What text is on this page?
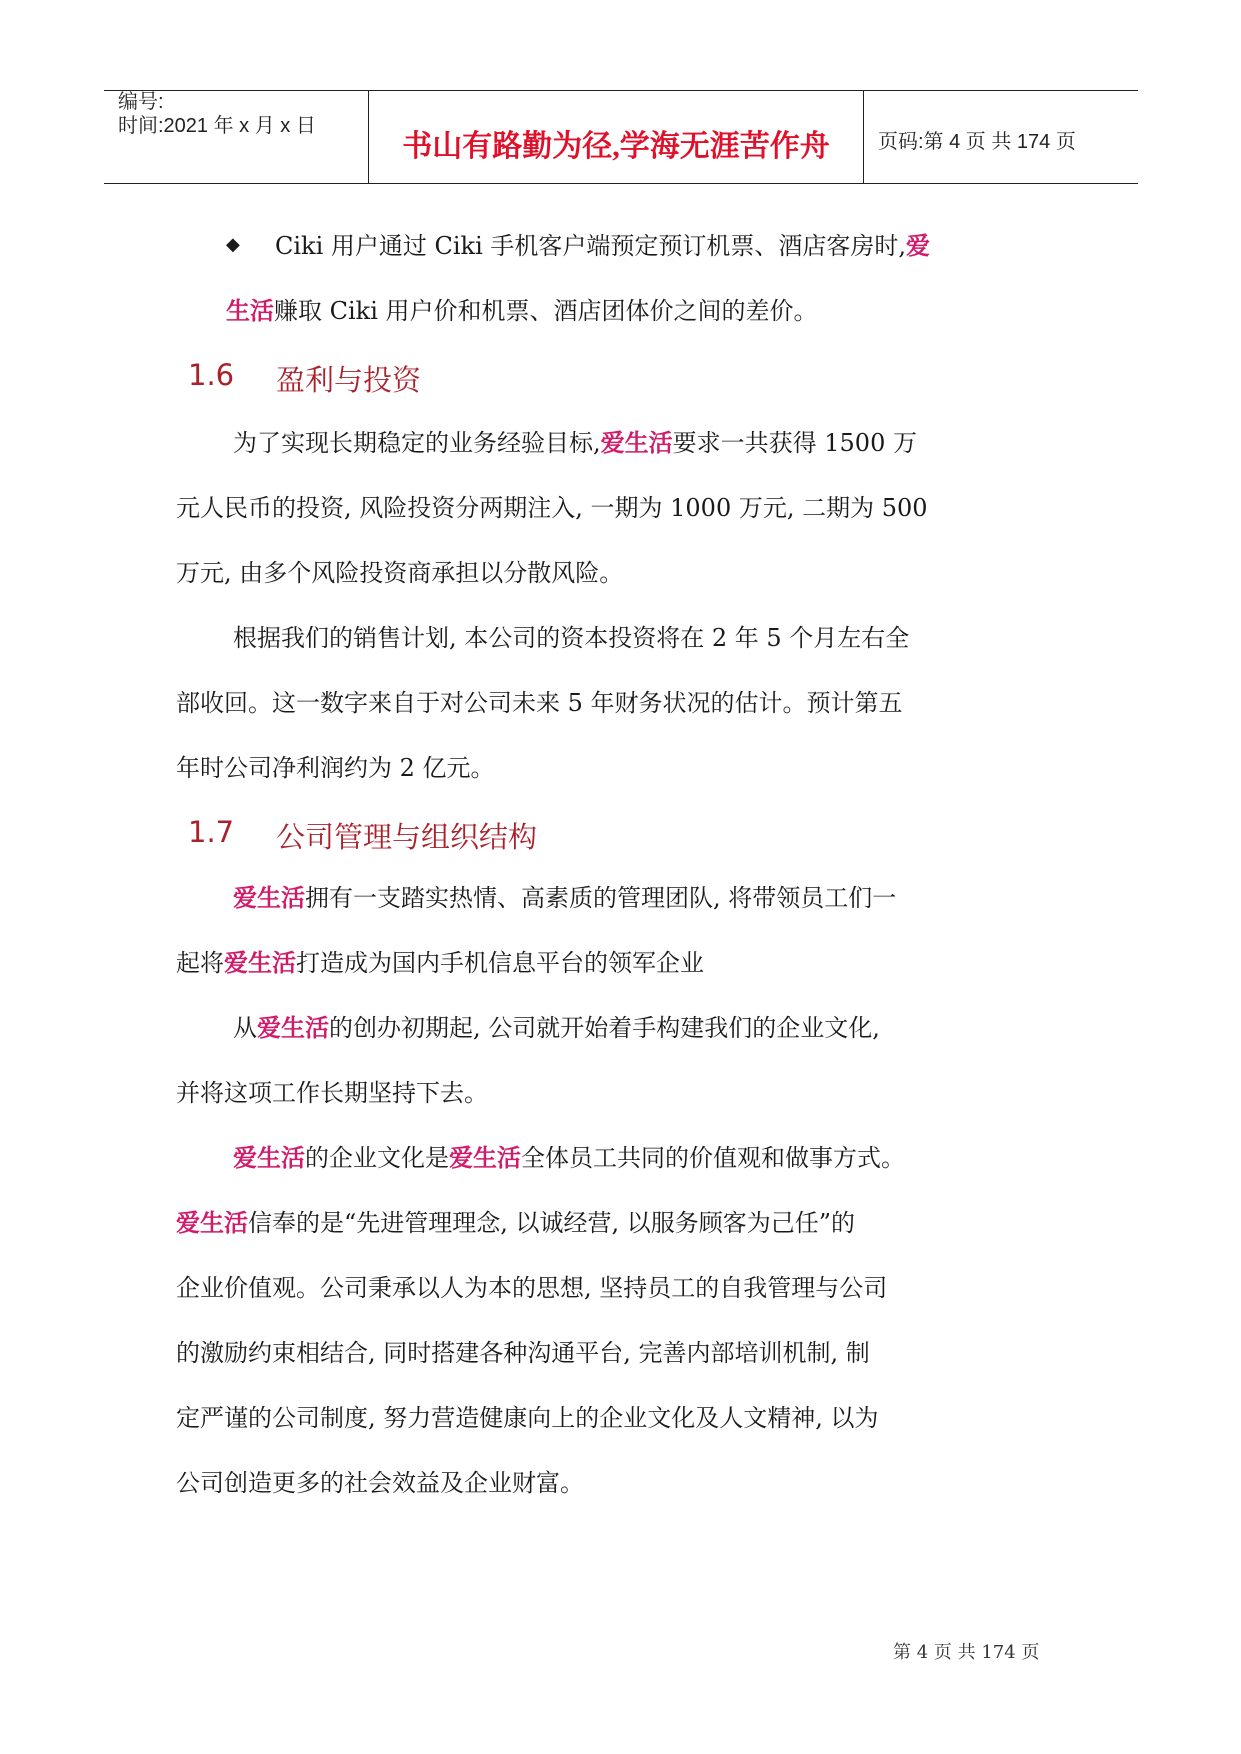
编号:
时间:2021 年 x 月 x 日
书山有路勤为径,学海无涯苦作舟	页码:第 4 页 共 174 页
◆ Ciki 用户通过 Ciki 手机客户端预定预订机票、酒店客房时,爱
生活赚取 Ciki 用户价和机票、酒店团体价之间的差价。
1.6 盈利与投资
为了实现长期稳定的业务经验目标,爱生活要求一共获得 1500 万
元人民币的投资, 风险投资分两期注入, 一期为 1000 万元, 二期为 500
万元, 由多个风险投资商承担以分散风险。
根据我们的销售计划, 本公司的资本投资将在 2 年 5 个月左右全
部收回。这一数字来自于对公司未来 5 年财务状况的估计。预计第五
年时公司净利润约为 2 亿元。
1.7 公司管理与组织结构
爱生活拥有一支踏实热情、高素质的管理团队, 将带领员工们一
起将爱生活打造成为国内手机信息平台的领军企业
从爱生活的创办初期起, 公司就开始着手构建我们的企业文化,
并将这项工作长期坚持下去。
爱生活的企业文化是爱生活全体员工共同的价值观和做事方式。
爱生活信奉的是“先进管理理念, 以诚经营, 以服务顾客为己任”的
企业价值观。公司秉承以人为本的思想, 坚持员工的自我管理与公司
的激励约束相结合, 同时搭建各种沟通平台, 完善内部培训机制, 制
定严谨的公司制度, 努力营造健康向上的企业文化及人文精神, 以为
公司创造更多的社会效益及企业财富。
第 4 页 共 174 页
